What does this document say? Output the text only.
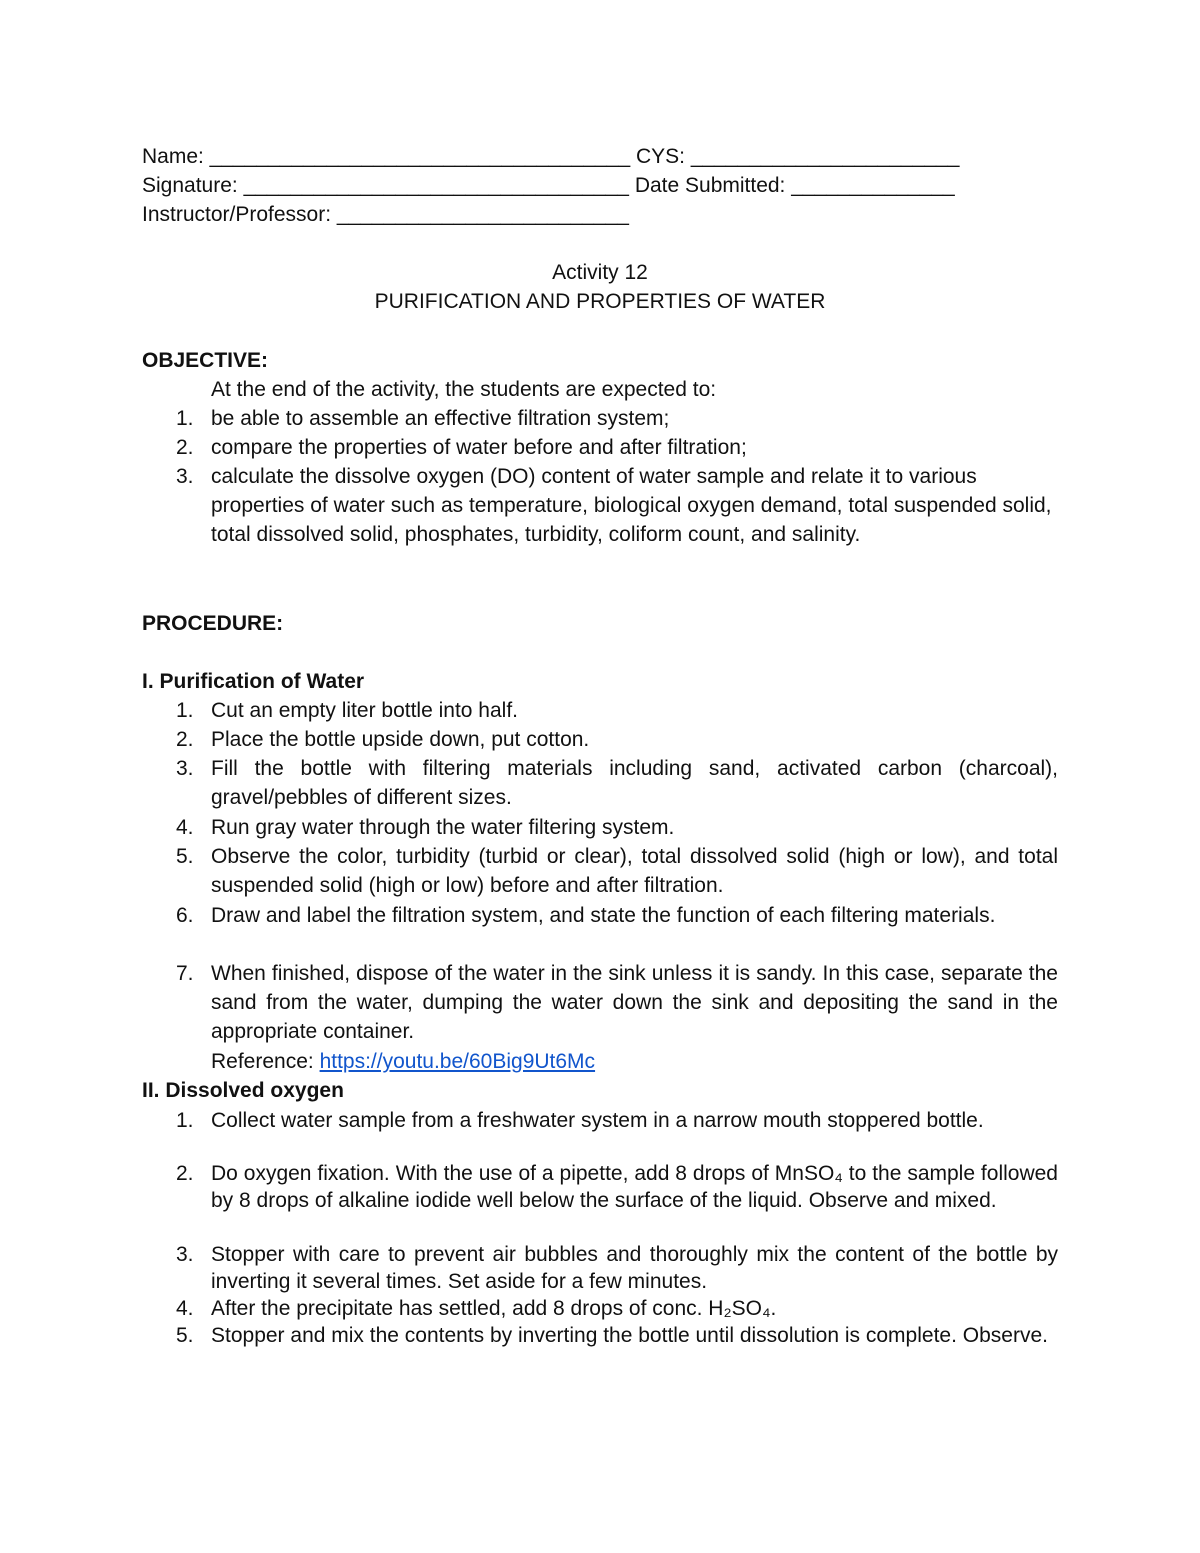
Name: ____________________________________ CYS: _______________________
Signature: _________________________________ Date Submitted: ______________
Instructor/Professor: _________________________
Activity 12
PURIFICATION AND PROPERTIES OF WATER
OBJECTIVE:
At the end of the activity, the students are expected to:
1. be able to assemble an effective filtration system;
2. compare the properties of water before and after filtration;
3. calculate the dissolve oxygen (DO) content of water sample and relate it to various properties of water such as temperature, biological oxygen demand, total suspended solid, total dissolved solid, phosphates, turbidity, coliform count, and salinity.
PROCEDURE:
I. Purification of Water
1. Cut an empty liter bottle into half.
2. Place the bottle upside down, put cotton.
3. Fill the bottle with filtering materials including sand, activated carbon (charcoal), gravel/pebbles of different sizes.
4. Run gray water through the water filtering system.
5. Observe the color, turbidity (turbid or clear), total dissolved solid (high or low), and total suspended solid (high or low) before and after filtration.
6. Draw and label the filtration system, and state the function of each filtering materials.
7. When finished, dispose of the water in the sink unless it is sandy. In this case, separate the sand from the water, dumping the water down the sink and depositing the sand in the appropriate container.
Reference: https://youtu.be/60Big9Ut6Mc
II. Dissolved oxygen
1. Collect water sample from a freshwater system in a narrow mouth stoppered bottle.
2. Do oxygen fixation. With the use of a pipette, add 8 drops of MnSO₄ to the sample followed by 8 drops of alkaline iodide well below the surface of the liquid. Observe and mixed.
3. Stopper with care to prevent air bubbles and thoroughly mix the content of the bottle by inverting it several times. Set aside for a few minutes.
4. After the precipitate has settled, add 8 drops of conc. H₂SO₄.
5. Stopper and mix the contents by inverting the bottle until dissolution is complete. Observe.
